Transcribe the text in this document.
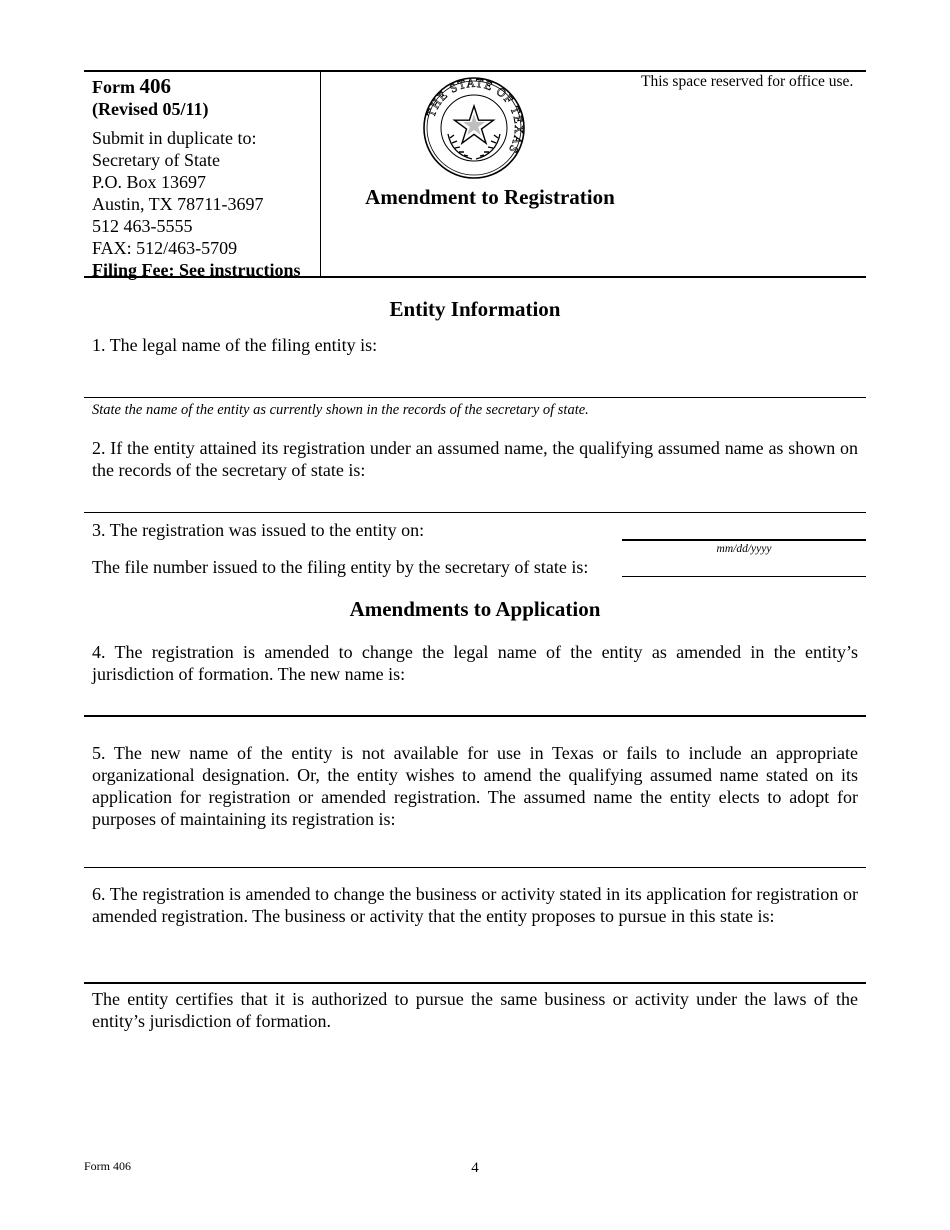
Form 406
(Revised 05/11)
Submit in duplicate to:
Secretary of State
P.O. Box 13697
Austin, TX 78711-3697
512 463-5555
FAX: 512/463-5709
Filing Fee: See instructions
THE STATE OF TEXAS
Amendment to Registration
This space reserved for office use.
Entity Information
1. The legal name of the filing entity is:
State the name of the entity as currently shown in the records of the secretary of state.
2. If the entity attained its registration under an assumed name, the qualifying assumed name as shown on the records of the secretary of state is:
3. The registration was issued to the entity on:
mm/dd/yyyy
The file number issued to the filing entity by the secretary of state is:
Amendments to Application
4. The registration is amended to change the legal name of the entity as amended in the entity’s jurisdiction of formation. The new name is:
5. The new name of the entity is not available for use in Texas or fails to include an appropriate organizational designation. Or, the entity wishes to amend the qualifying assumed name stated on its application for registration or amended registration. The assumed name the entity elects to adopt for purposes of maintaining its registration is:
6. The registration is amended to change the business or activity stated in its application for registration or amended registration. The business or activity that the entity proposes to pursue in this state is:
The entity certifies that it is authorized to pursue the same business or activity under the laws of the entity’s jurisdiction of formation.
Form 406	4
